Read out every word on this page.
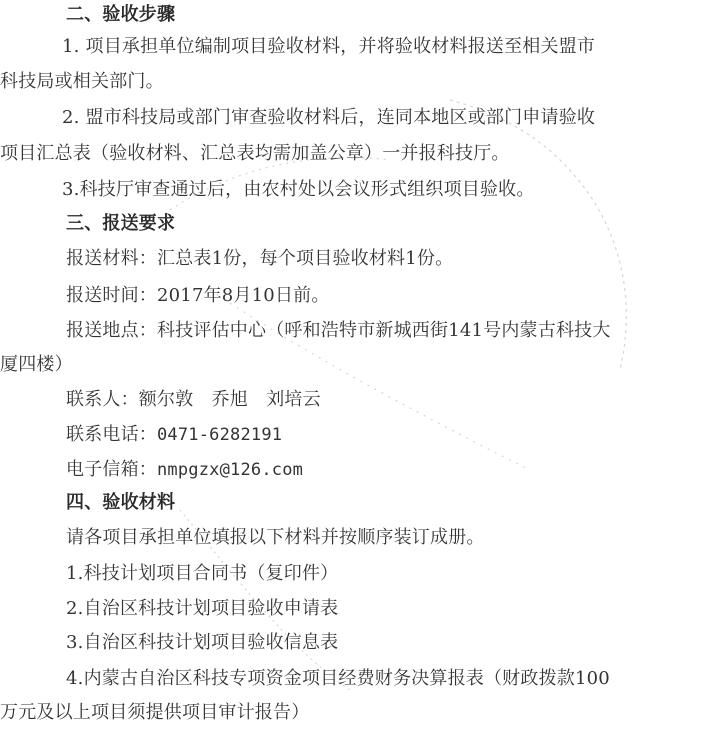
二、验收步骤
1. 项目承担单位编制项目验收材料，并将验收材料报送至相关盟市
科技局或相关部门。
2. 盟市科技局或部门审查验收材料后，连同本地区或部门申请验收
项目汇总表（验收材料、汇总表均需加盖公章）一并报科技厅。
3.科技厅审查通过后，由农村处以会议形式组织项目验收。
三、报送要求
报送材料：汇总表1份，每个项目验收材料1份。
报送时间：2017年8月10日前。
报送地点：科技评估中心（呼和浩特市新城西街141号内蒙古科技大
厦四楼）
联系人：额尔敦　乔旭　刘培云
联系电话：0471-6282191
电子信箱：nmpgzx@126.com
四、验收材料
请各项目承担单位填报以下材料并按顺序装订成册。
1.科技计划项目合同书（复印件）
2.自治区科技计划项目验收申请表
3.自治区科技计划项目验收信息表
4.内蒙古自治区科技专项资金项目经费财务决算报表（财政拨款100
万元及以上项目须提供项目审计报告）
